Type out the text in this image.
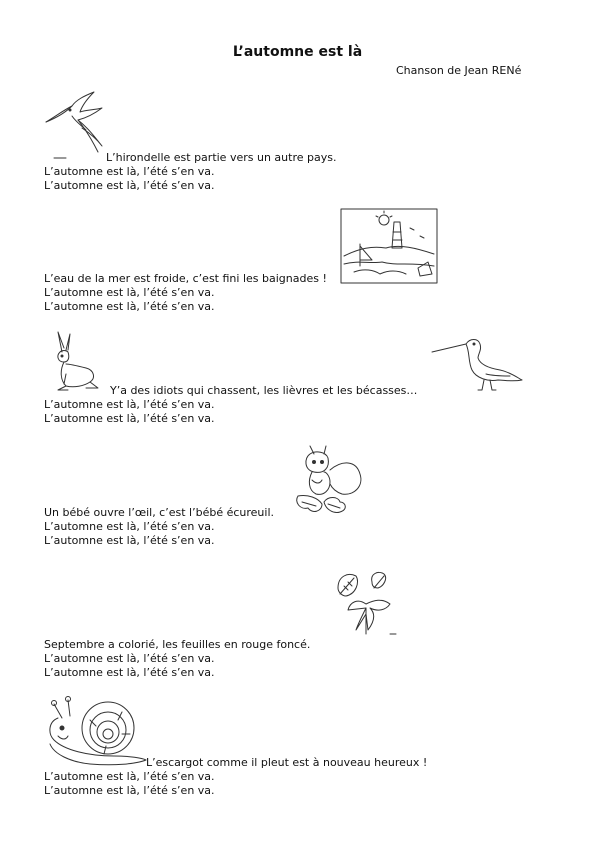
L’automne est là
Chanson de Jean RENé
L’hirondelle est partie vers un autre pays.
L’automne est là, l’été s’en va.
L’automne est là, l’été s’en va.
L’eau de la mer est froide, c’est fini les baignades !
L’automne est là, l’été s’en va.
L’automne est là, l’été s’en va.
Y’a des idiots qui chassent, les lièvres et les bécasses…
L’automne est là, l’été s’en va.
L’automne est là, l’été s’en va.
Un bébé ouvre l’œil, c’est l’bébé écureuil.
L’automne est là, l’été s’en va.
L’automne est là, l’été s’en va.
Septembre a colorié, les feuilles en rouge foncé.
L’automne est là, l’été s’en va.
L’automne est là, l’été s’en va.
L’escargot comme il pleut est à nouveau heureux !
L’automne est là, l’été s’en va.
L’automne est là, l’été s’en va.
